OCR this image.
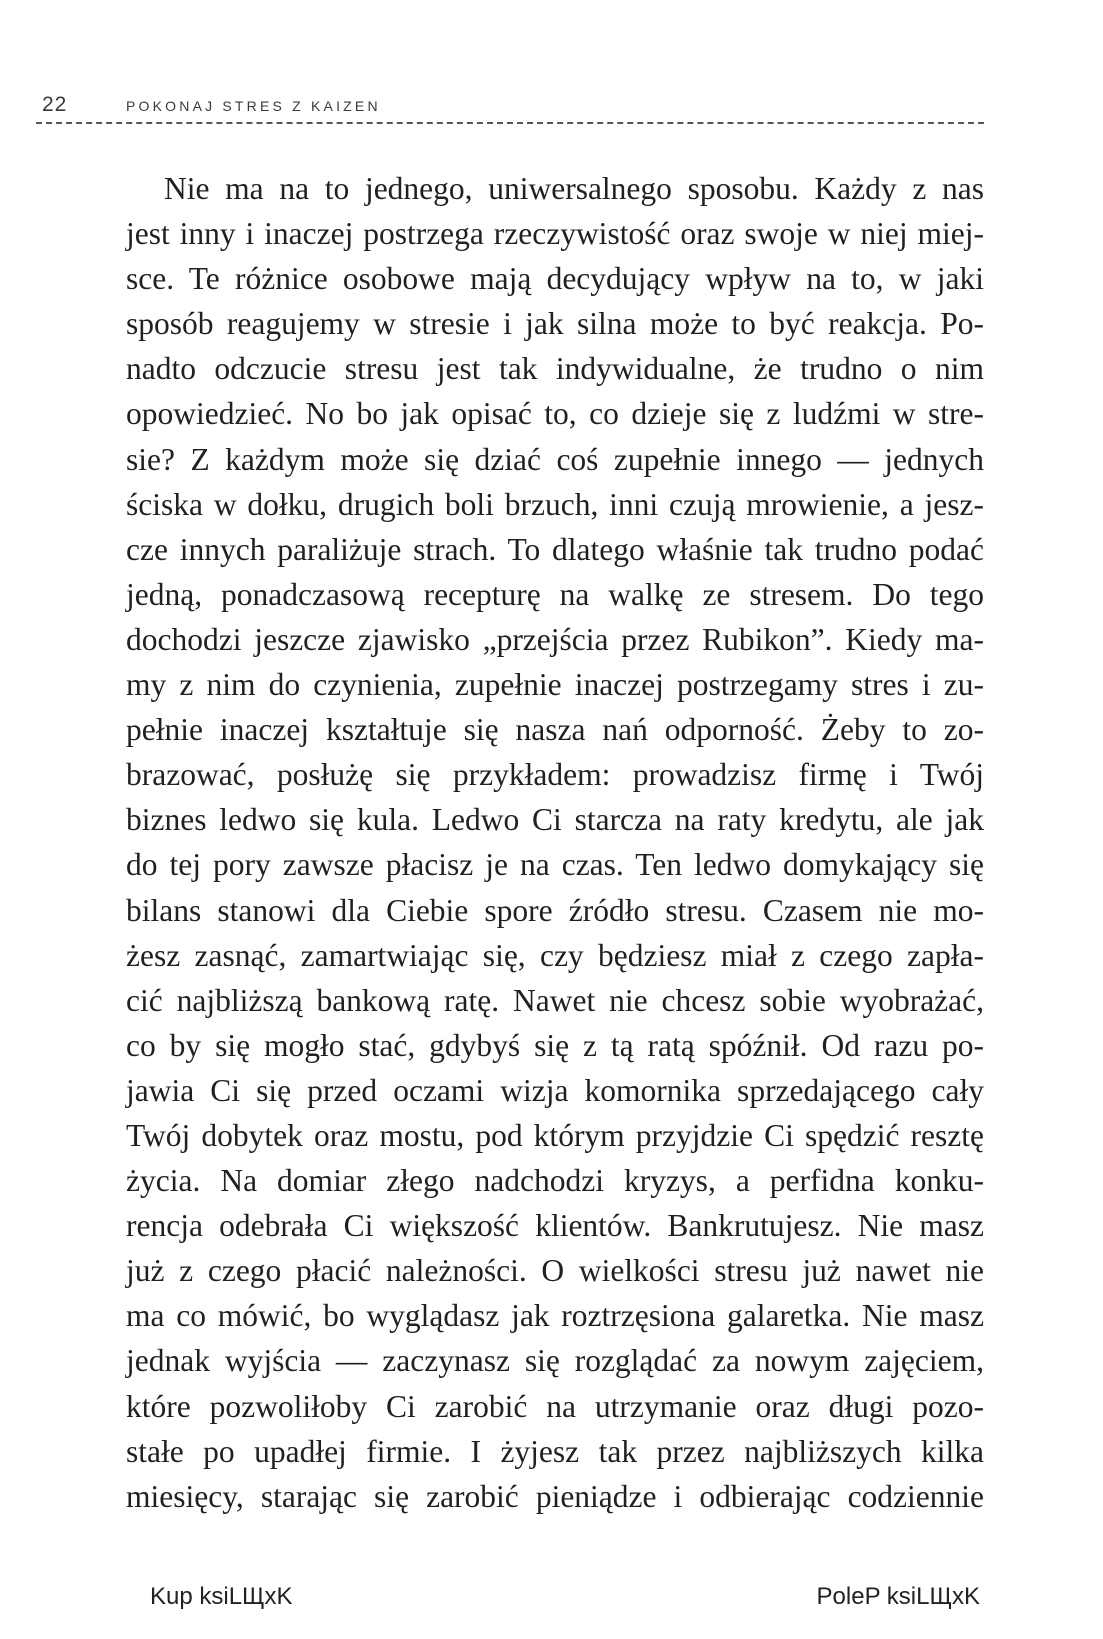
22	POKONAJ STRES Z KAIZEN
Nie ma na to jednego, uniwersalnego sposobu. Każdy z nas
jest inny i inaczej postrzega rzeczywistość oraz swoje w niej miej-
sce. Te różnice osobowe mają decydujący wpływ na to, w jaki
sposób reagujemy w stresie i jak silna może to być reakcja. Po-
nadto odczucie stresu jest tak indywidualne, że trudno o nim
opowiedzieć. No bo jak opisać to, co dzieje się z ludźmi w stre-
sie? Z każdym może się dziać coś zupełnie innego — jednych
ściska w dołku, drugich boli brzuch, inni czują mrowienie, a jesz-
cze innych paraliżuje strach. To dlatego właśnie tak trudno podać
jedną, ponadczasową recepturę na walkę ze stresem. Do tego
dochodzi jeszcze zjawisko „przejścia przez Rubikon”. Kiedy ma-
my z nim do czynienia, zupełnie inaczej postrzegamy stres i zu-
pełnie inaczej kształtuje się nasza nań odporność. Żeby to zo-
brazować, posłużę się przykładem: prowadzisz firmę i Twój
biznes ledwo się kula. Ledwo Ci starcza na raty kredytu, ale jak
do tej pory zawsze płacisz je na czas. Ten ledwo domykający się
bilans stanowi dla Ciebie spore źródło stresu. Czasem nie mo-
żesz zasnąć, zamartwiając się, czy będziesz miał z czego zapła-
cić najbliższą bankową ratę. Nawet nie chcesz sobie wyobrażać,
co by się mogło stać, gdybyś się z tą ratą spóźnił. Od razu po-
jawia Ci się przed oczami wizja komornika sprzedającego cały
Twój dobytek oraz mostu, pod którym przyjdzie Ci spędzić resztę
życia. Na domiar złego nadchodzi kryzys, a perfidna konku-
rencja odebrała Ci większość klientów. Bankrutujesz. Nie masz
już z czego płacić należności. O wielkości stresu już nawet nie
ma co mówić, bo wyglądasz jak roztrzęsiona galaretka. Nie masz
jednak wyjścia — zaczynasz się rozglądać za nowym zajęciem,
które pozwoliłoby Ci zarobić na utrzymanie oraz długi pozo-
stałe po upadłej firmie. I żyjesz tak przez najbliższych kilka
miesięcy, starając się zarobić pieniądze i odbierając codziennie
Kup ksiLЩxK	PoleP ksiLЩxK
